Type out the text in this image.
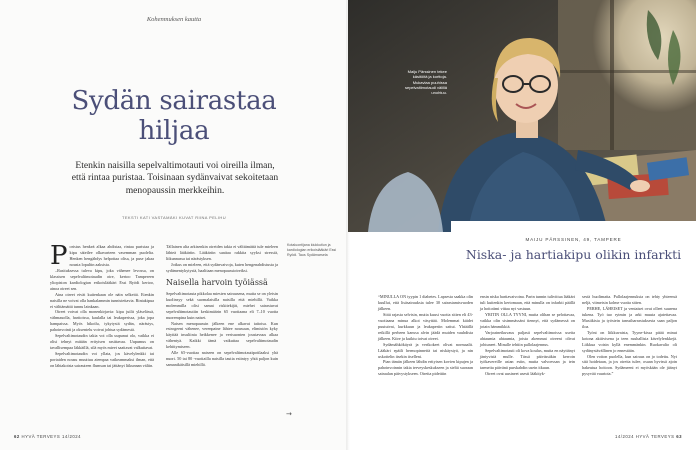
Kohenmuksen kautta
Sydän sairastaa hiljaa
Etenkin naisilla sepelvaltimotauti voi oireilla ilman, että rintaa puristaa. Toisinaan sydänvaivat sekoitetaan menopaussin merkkeihin.
TEKSTI KATI VASTAMÄKI KUVAT RIINA PELIHU

Poristus henkeä alkaa ahdistaa, rintaa puristaa ja kipu säteilee olkavarteen vasemman puolelta. Henken hengähdys helpottaa olisa, ja puse jakaa nousta lopultin aaksista.

–Rasituksessa tuleva kipu, joka vähenee levossa, on klassisen sepelvaltimotaudin oire, kertoo Tampereen yliopiston kardiologian erikoislääkäri Essi Ryödi kertoo, ainoa oireet sen.

Aina oireet eivät kuitenkaan ole näin selkeitä. Etenkin naisilla ne voivat olla hankalammin tunnistettavia. Rintakipua ei välttämättä tunnu lainkaan.

Oireet voivat olla monenkirjavia: kipu juilit yläselässä, vähmauolla, hartioissa, kaulalla tai leukaperissa, joka jopa hampaissa. Myös hikoilu, tykytystä sydän, närästys, pahoinvointi ja oksentelu voivat johtua sydämestä.

Sepelvaltimotaudin takia voi olla uupunut olo, vaikka ei olisi tehnyt mitään erityisen rasittavaa. Uupumus on tavallisempaa läkkäillä, silä myös mieet saattavat valkuttavat.

Sepelvaltimotaudin voi yllata, jos kävelylenkki tai portaiden nousu muuttuu aiempaa vaikeammaksi ilman, että on lähtakoista sairauteen flumsan tai jättänyt liikunnan väliin.

Tällainen alta arkisenkin oireiden takia ei välttämättä tule mieleen lähteä lääkäriin. Lääkäriin saattaa rakkita syyksi stressiä, liikunnassa tai närästyksen.

Jotkus on mieleen, että sydänvaivoja, kuten hengenahdistusta ja sydämentykytystä, haalitaan menopaussioireiksi.

Naisella harvoin työiässä

Sepelvaltimotauta pikkolaa miesten sairausena, mutta se on yleisin kuolinsyy sekä suomalaisilla naisilla että miehillä. Vaikka molemmilla olisi samat riskitekijät, miehet sairastuvat sepelvaltimotautiin keskimäärin 65 vuotiaana eli 7–10 vuotta nuorempina kuin naiset.

Naisen menopaussin jälkeen ene alkavat taitoisa. Kun estrogeeni vähenee, verenpaine lähtee nousuun, elimistön kyky käyttää insuliinia heikkenee ja verisuonten joustavuus alkaa vähentyä. Kaikki tämä vaikuttaa sepelvaltimotaudin kehittymiseen.

Alle 65-vuotiaa naiseen on sepelvaltimotautipotilaaksi yhä nuori. 50 tai 80 -vuotiailla naisilla tautia esiintyy yhtä paljon kuin samanikäisillä miehillä.

Kotaluontijana kiukkutiun ja kardiologian erikoislääkäri Essi Ryödi. Taus Sydämarsela
→
62 HYVÄ TERVEYS 14/2024
Maiju Pärssinen tekee käsitöitä ja korttoja. Mukaviaa puuhissa sepelvaltimotaudi välillä unohtuu.
MAIJU PÄRSSINEN, 49, TAMPERE
Niska- ja hartiakipu olikin infarkti

“MINULLA ON tyypin 1 diabetes. Lapsesta saakka olin kuullut, että lisäsairauksia tulee 30 sairastamisvuoden jälkeen.

Siitä rajasta selvisin, mutta kuusi vuotta sitten eli 43-vuotiaana minua alkoi väsyttää. Molemmat käidet puutuivat, kurkkuun ja leukaperiin sattui. Yhtäällä reikillä perheen kanssa alvin jäädä muiden vauhdista jälkeen. Kiire ja kuiktu toivat oireet.

Sydämähkökäyrä ja verikokeet olivat normaalit. Lääkäri epäili hermopinnettä tai niskäystyä, ja nin uskottelin itsekin itselleni.

Pian tämän jälkeen lähdin erityisen kovien kipujen ja pahoinvoinnin takia terveyskeskukseen ja sieltä suoraan sairaalan päivystykseen. Oireita pidettiin

ensin niska hartiavaivoina. Parin tunnin tulivittua lääkäri tuli kuitenkin kertomaan, että minulla on infarkti päällä ja hoitotimi vittaa nyt vastuun.

YRITIN OLLA TYYNI, mutta olihan se pelottavaa, vaikka olin sisimmässäni tiennyt, että sydämessä on jotain hämmikkiä.

Varjoaineikuvaus paljasti sepelvaltimoissa useita ahtaumia ahtaumia, joista akemmat oireeni olivat johtuneet. Minulle tehtiin pallolaajennus.

Sepelvaltimotauti oli kova koulus, mutta en näyttänyt jäntyvistä mulle. Tässä päivässäkin kerroin työkavereille asian esiin, mutta valvoessan ja tein tarmeita päivänä purskahdin usein itkuun.

Oireet ovat uusineet usesti lääkityk-

sestä huolimatta. Pallolaajennuksia on tehty yhteensä neljä, viimeisin kolme vuotta sitten.

PERHE, LÄHEISET ja ventaiset ovat olleet suurena tukena. Työ tuo rytmin ja arki muuta ajatettavaa. Musiikista ja työstein tanssiharrastuksesta saan paljon iloa.

Työni on liikkuvaista, Tyyne-kissa pitää minut kotona aktiivisena ja teen ruuhallisia kävelylenkkejä. Liikkua voisin kyllä enemmänkin. Ruokavalio oli sydänystävällinen jo ennestään.

Olen voiton puolella, kun sairaus on jo todettu. Nyt sitä hoidetaan, ja jos oireita tulee, osaan hyvissä ajoin hakeutua hoitoon. Sydämeeni ei myöskään ole jäänyt pysyvää vauriota.”

14/2024 HYVÄ TERVEYS 63
